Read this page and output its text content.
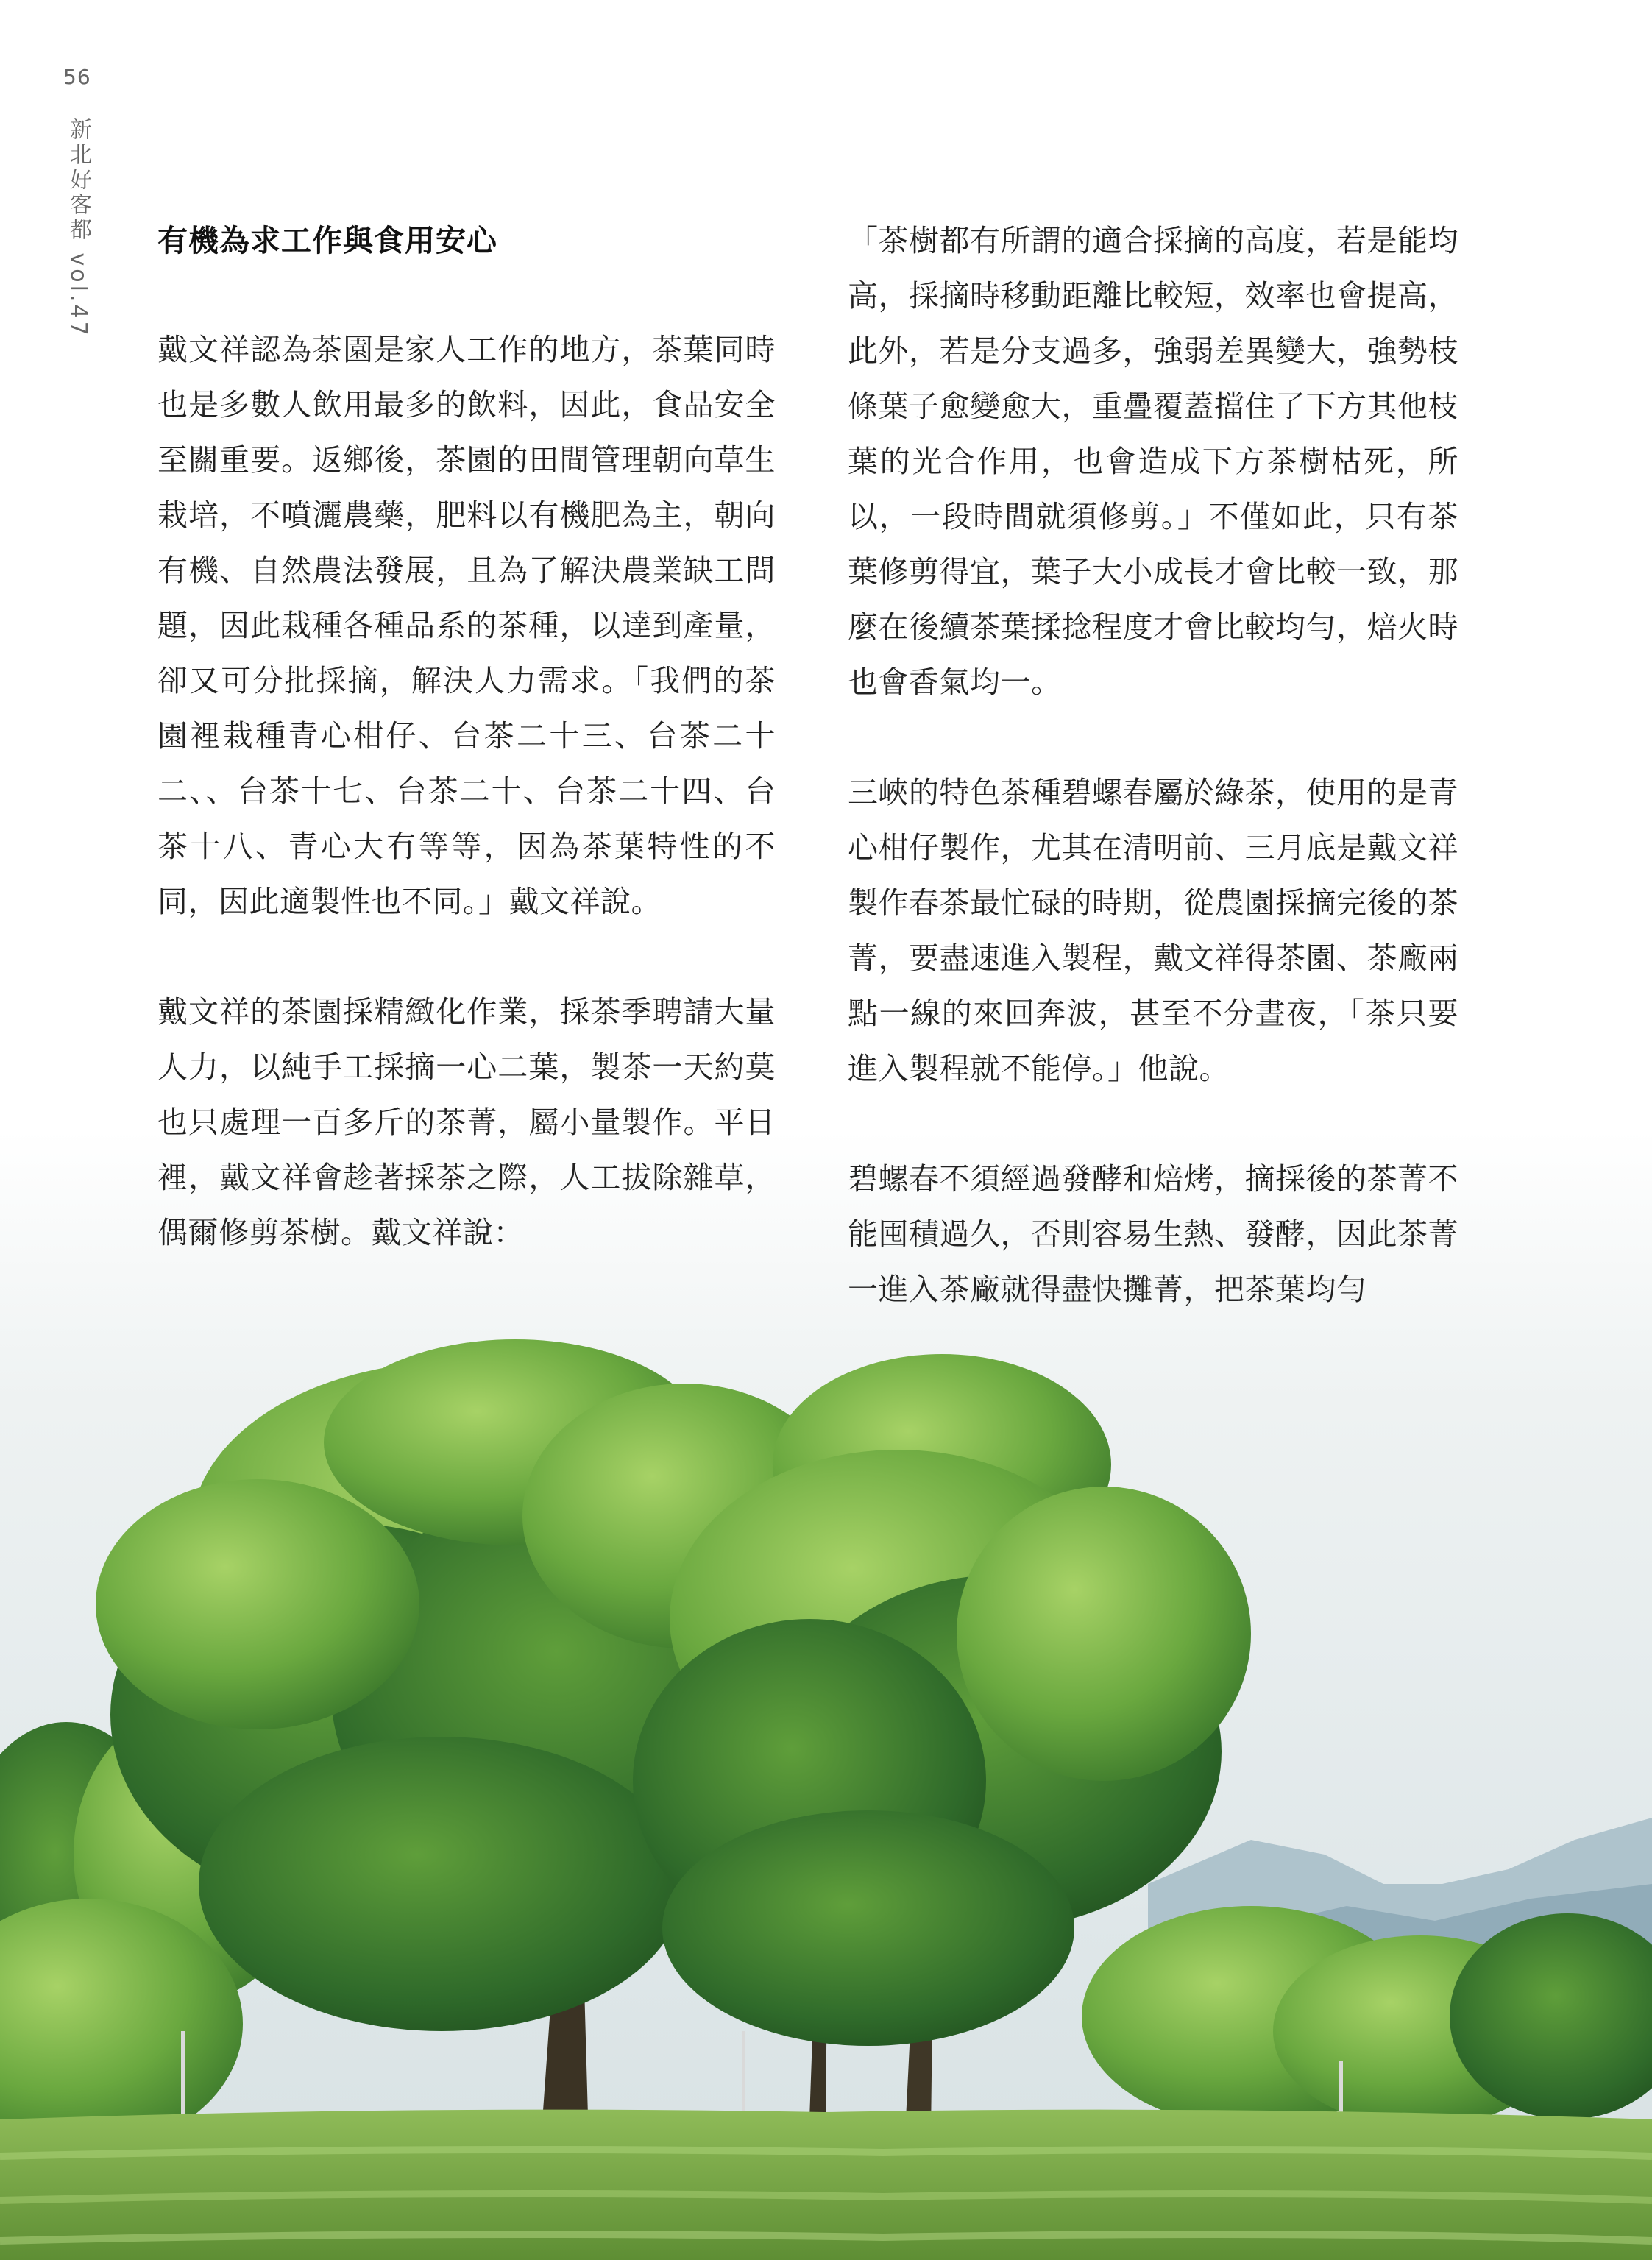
56
新北好客都 vol.47 有機為求工作與食用安心

戴文祥認為茶園是家人工作的地方，茶葉同時也是多數人飲用最多的飲料，因此，食品安全至關重要。返鄉後，茶園的田間管理朝向草生栽培，不噴灑農藥，肥料以有機肥為主，朝向有機、自然農法發展，且為了解決農業缺工問題，因此栽種各種品系的茶種，以達到產量，卻又可分批採摘，解決人力需求。「我們的茶園裡栽種青心柑仔、台茶二十三、台茶二十二、、台茶十七、台茶二十、台茶二十四、台茶十八、青心大冇等等，因為茶葉特性的不同，因此適製性也不同。」戴文祥說。

戴文祥的茶園採精緻化作業，採茶季聘請大量人力，以純手工採摘一心二葉，製茶一天約莫也只處理一百多斤的茶菁，屬小量製作。平日裡，戴文祥會趁著採茶之際，人工拔除雜草，偶爾修剪茶樹。戴文祥說：

「茶樹都有所謂的適合採摘的高度，若是能均高，採摘時移動距離比較短，效率也會提高，此外，若是分支過多，強弱差異變大，強勢枝條葉子愈變愈大，重疊覆蓋擋住了下方其他枝葉的光合作用，也會造成下方茶樹枯死，所以，一段時間就須修剪。」不僅如此，只有茶葉修剪得宜，葉子大小成長才會比較一致，那麼在後續茶葉揉捻程度才會比較均勻，焙火時也會香氣均一。

三峽的特色茶種碧螺春屬於綠茶，使用的是青心柑仔製作，尤其在清明前、三月底是戴文祥製作春茶最忙碌的時期，從農園採摘完後的茶菁，要盡速進入製程，戴文祥得茶園、茶廠兩點一線的來回奔波，甚至不分晝夜，「茶只要進入製程就不能停。」他說。

碧螺春不須經過發酵和焙烤，摘採後的茶菁不能囤積過久，否則容易生熱、發酵，因此茶菁一進入茶廠就得盡快攤菁，把茶葉均勻
